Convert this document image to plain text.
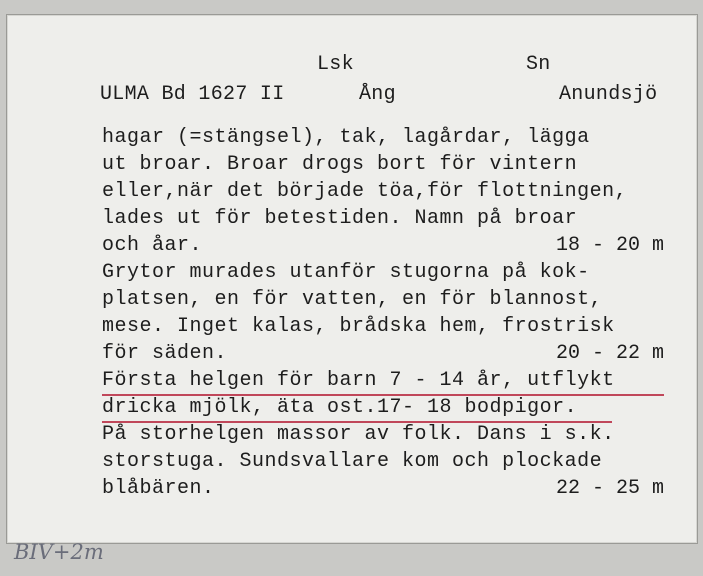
Lsk	Sn
ULMA Bd 1627 II	Ång	Anundsjö
hagar (=stängsel), tak, lagårdar, lägga
ut broar. Broar drogs bort för vintern
eller,när det började töa,för flottningen,
lades ut för betestiden. Namn på broar
och åar.	18 - 20 m
Grytor murades utanför stugorna på kok-
platsen, en för vatten, en för blannost,
mese. Inget kalas, brådska hem, frostrisk
för säden.	20 - 22 m
Första helgen för barn 7 - 14 år, utflykt
dricka mjölk, äta ost.17- 18 bodpigor.
På storhelgen massor av folk. Dans i s.k.
storstuga. Sundsvallare kom och plockade
blåbären.	22 - 25 m
BIV+2m
